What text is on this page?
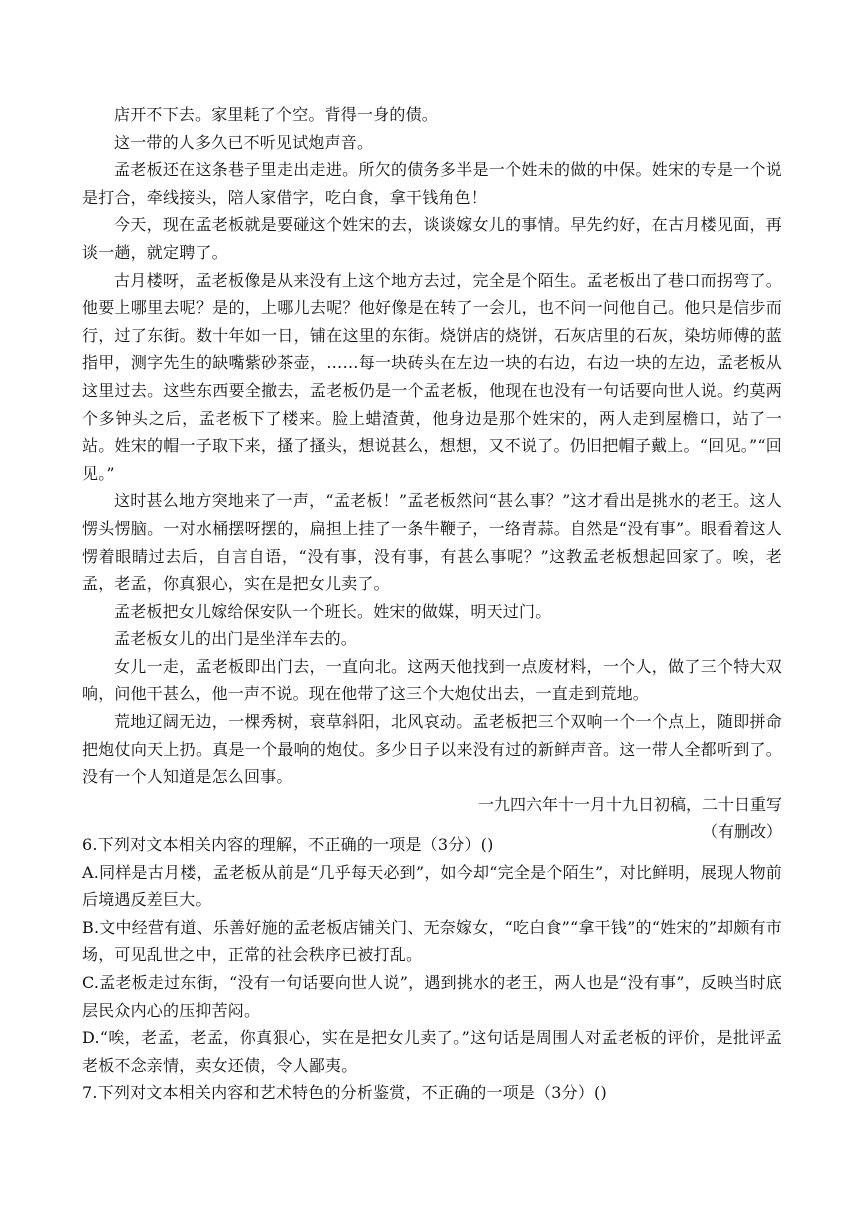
店开不下去。家里耗了个空。背得一身的债。

这一带的人多久已不听见试炮声音。

孟老板还在这条巷子里走出走进。所欠的债务多半是一个姓未的做的中保。姓宋的专是一个说是打合，牵线接头，陪人家借字，吃白食，拿干钱角色！

今天，现在孟老板就是要碰这个姓宋的去，谈谈嫁女儿的事情。早先约好，在古月楼见面，再谈一趟，就定聘了。

古月楼呀，孟老板像是从来没有上这个地方去过，完全是个陌生。孟老板出了巷口而拐弯了。他要上哪里去呢？是的，上哪儿去呢？他好像是在转了一会儿，也不问一问他自己。他只是信步而行，过了东街。数十年如一日，铺在这里的东街。烧饼店的烧饼，石灰店里的石灰，染坊师傅的蓝指甲，测字先生的缺嘴紫砂茶壶，……每一块砖头在左边一块的右边，右边一块的左边，孟老板从这里过去。这些东西要全撤去，孟老板仍是一个孟老板，他现在也没有一句话要向世人说。约莫两个多钟头之后，孟老板下了楼来。脸上蜡渣黄，他身边是那个姓宋的，两人走到屋檐口，站了一站。姓宋的帽一子取下来，搔了搔头，想说甚么，想想，又不说了。仍旧把帽子戴上。“回见。”“回见。”

这时甚么地方突地来了一声，“孟老板！”孟老板然问“甚么事？”这才看出是挑水的老王。这人愣头愣脑。一对水桶摆呀摆的，扁担上挂了一条牛鞭子，一络青蒜。自然是“没有事”。眼看着这人愣着眼睛过去后，自言自语，“没有事，没有事，有甚么事呢？”这教孟老板想起回家了。唉，老孟，老孟，你真狠心，实在是把女儿卖了。

孟老板把女儿嫁给保安队一个班长。姓宋的做媒，明天过门。

孟老板女儿的出门是坐洋车去的。

女儿一走，孟老板即出门去，一直向北。这两天他找到一点废材料，一个人，做了三个特大双响，问他干甚么，他一声不说。现在他带了这三个大炮仗出去，一直走到荒地。

荒地辽阔无边，一棵秀树，衰草斜阳，北风哀动。孟老板把三个双响一个一个点上，随即拼命把炮仗向天上扔。真是一个最响的炮仗。多少日子以来没有过的新鲜声音。这一带人全都听到了。没有一个人知道是怎么回事。

一九四六年十一月十九日初稿，二十日重写

（有删改）

6.下列对文本相关内容的理解，不正确的一项是（3分）()

A.同样是古月楼，孟老板从前是“几乎每天必到”，如今却“完全是个陌生”，对比鲜明，展现人物前后境遇反差巨大。

B.文中经营有道、乐善好施的孟老板店铺关门、无奈嫁女，“吃白食”“拿干钱”的“姓宋的”却颇有市场，可见乱世之中，正常的社会秩序已被打乱。

C.孟老板走过东街，“没有一句话要向世人说”，遇到挑水的老王，两人也是“没有事”，反映当时底层民众内心的压抑苦闷。

D.“唉，老孟，老孟，你真狠心，实在是把女儿卖了。”这句话是周围人对孟老板的评价，是批评孟老板不念亲情，卖女还债，令人鄙夷。

7.下列对文本相关内容和艺术特色的分析鉴赏，不正确的一项是（3分）()
